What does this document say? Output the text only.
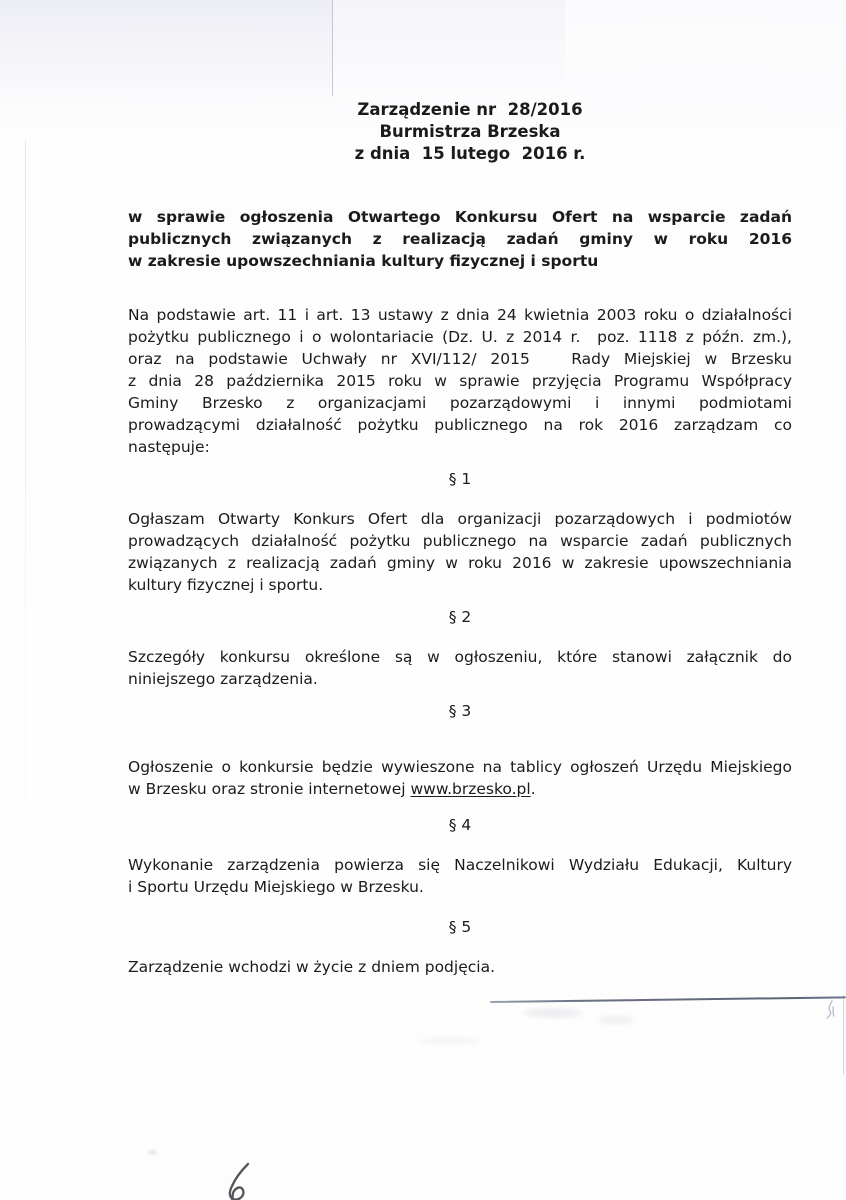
Zarządzenie nr  28/2016
Burmistrza Brzeska
z dnia  15 lutego  2016 r.
w sprawie ogłoszenia Otwartego Konkursu Ofert na wsparcie zadań
publicznych związanych z realizacją zadań gminy w roku 2016
w zakresie upowszechniania kultury fizycznej i sportu
Na podstawie art. 11 i art. 13 ustawy z dnia 24 kwietnia 2003 roku o działalności
pożytku publicznego i o wolontariacie (Dz. U. z 2014 r.  poz. 1118 z późn. zm.),
oraz na podstawie Uchwały nr XVI/112/ 2015   Rady Miejskiej w Brzesku
z dnia 28 października 2015 roku w sprawie przyjęcia Programu Współpracy
Gminy Brzesko z organizacjami pozarządowymi i innymi podmiotami
prowadzącymi działalność pożytku publicznego na rok 2016 zarządzam co
następuje:
§ 1
Ogłaszam Otwarty Konkurs Ofert dla organizacji pozarządowych i podmiotów
prowadzących działalność pożytku publicznego na wsparcie zadań publicznych
związanych z realizacją zadań gminy w roku 2016 w zakresie upowszechniania
kultury fizycznej i sportu.
§ 2
Szczegóły konkursu określone są w ogłoszeniu, które stanowi załącznik do
niniejszego zarządzenia.
§ 3
Ogłoszenie o konkursie będzie wywieszone na tablicy ogłoszeń Urzędu Miejskiego
w Brzesku oraz stronie internetowej www.brzesko.pl.
§ 4
Wykonanie zarządzenia powierza się Naczelnikowi Wydziału Edukacji, Kultury
i Sportu Urzędu Miejskiego w Brzesku.
§ 5
Zarządzenie wchodzi w życie z dniem podjęcia.
